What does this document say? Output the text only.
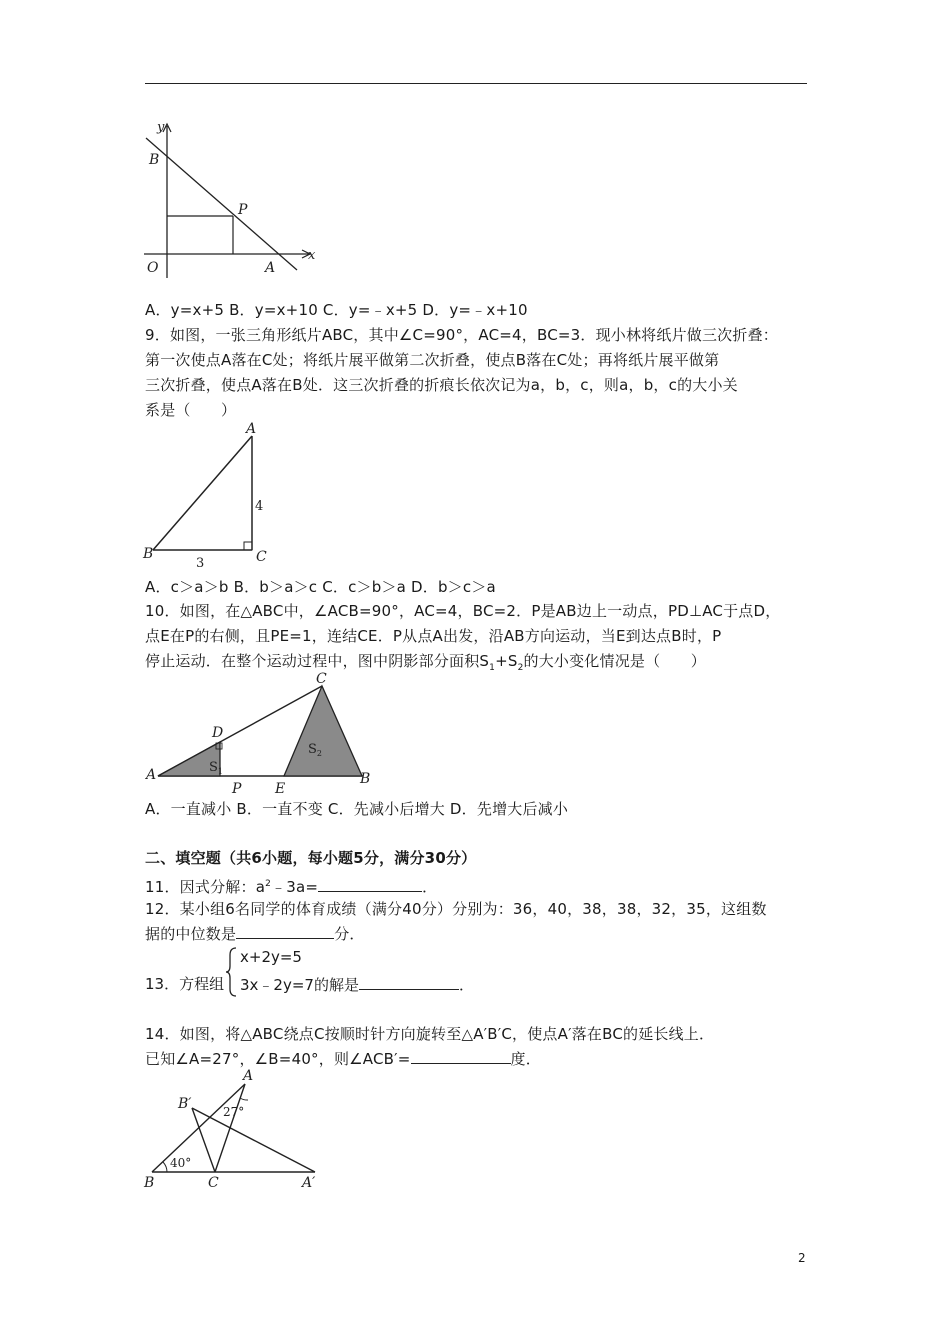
y
B
P
x
O	A
A．y=x+5 B．y=x+10 C．y=﹣x+5 D．y=﹣x+10
9．如图，一张三角形纸片ABC，其中∠C=90°，AC=4，BC=3．现小林将纸片做三次折叠：
第一次使点A落在C处；将纸片展平做第二次折叠，使点B落在C处；再将纸片展平做第
三次折叠，使点A落在B处．这三次折叠的折痕长依次记为a，b，c，则a，b，c的大小关
系是（　　）
A
B	C
4
3
A．c＞a＞b B．b＞a＞c C．c＞b＞a D．b＞c＞a
10．如图，在△ABC中，∠ACB=90°，AC=4，BC=2．P是AB边上一动点，PD⊥AC于点D，
点E在P的右侧，且PE=1，连结CE．P从点A出发，沿AB方向运动，当E到达点B时，P
停止运动．在整个运动过程中，图中阴影部分面积$S_1+S_2$的大小变化情况是（　　）
A
D
$S_1$
P E
$S_2$
B
C
A．一直减小 B．一直不变 C．先减小后增大 D．先增大后减小
二、填空题（共6小题，每小题5分，满分30分）
11．因式分解：$a^2﹣3a=$	．
12．某小组6名同学的体育成绩（满分40分）分别为：36，40，38，38，32，35，这组数
据的中位数是	分．
13．方程组
x+2y=5
3x﹣2y=7的解是	．
14．如图，将△ABC绕点C按顺时针方向旋转至△A′B′C，使点A′落在BC的延长线上．
已知∠A=27°，∠B=40°，则∠ACB′=	度．
A
B′	27°
40°
B	C	A′
2
